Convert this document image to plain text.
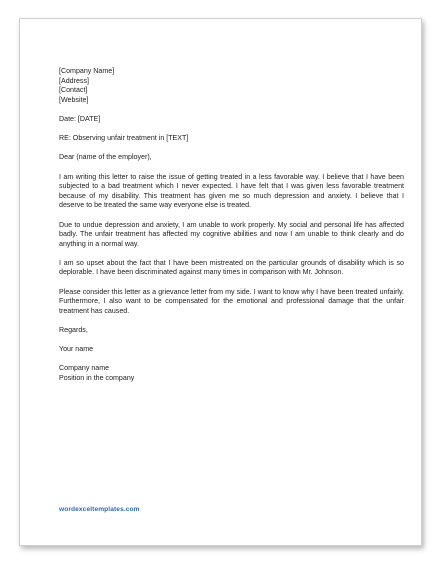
[Company Name]
[Address]
[Contact]
[Website]
Date: [DATE]
RE: Observing unfair treatment in [TEXT]
Dear (name of the employer),
I am writing this letter to raise the issue of getting treated in a less favorable way. I believe that I have been subjected to a bad treatment which I never expected. I have felt that I was given less favorable treatment because of my disability. This treatment has given me so much depression and anxiety. I believe that I deserve to be treated the same way everyone else is treated.
Due to undue depression and anxiety, I am unable to work properly. My social and personal life has affected badly. The unfair treatment has affected my cognitive abilities and now I am unable to think clearly and do anything in a normal way.
I am so upset about the fact that I have been mistreated on the particular grounds of disability which is so deplorable. I have been discriminated against many times in comparison with Mr. Johnson.
Please consider this letter as a grievance letter from my side. I want to know why I have been treated unfairly. Furthermore, I also want to be compensated for the emotional and professional damage that the unfair treatment has caused.
Regards,
Your name
Company name
Position in the company
wordexceltemplates.com
